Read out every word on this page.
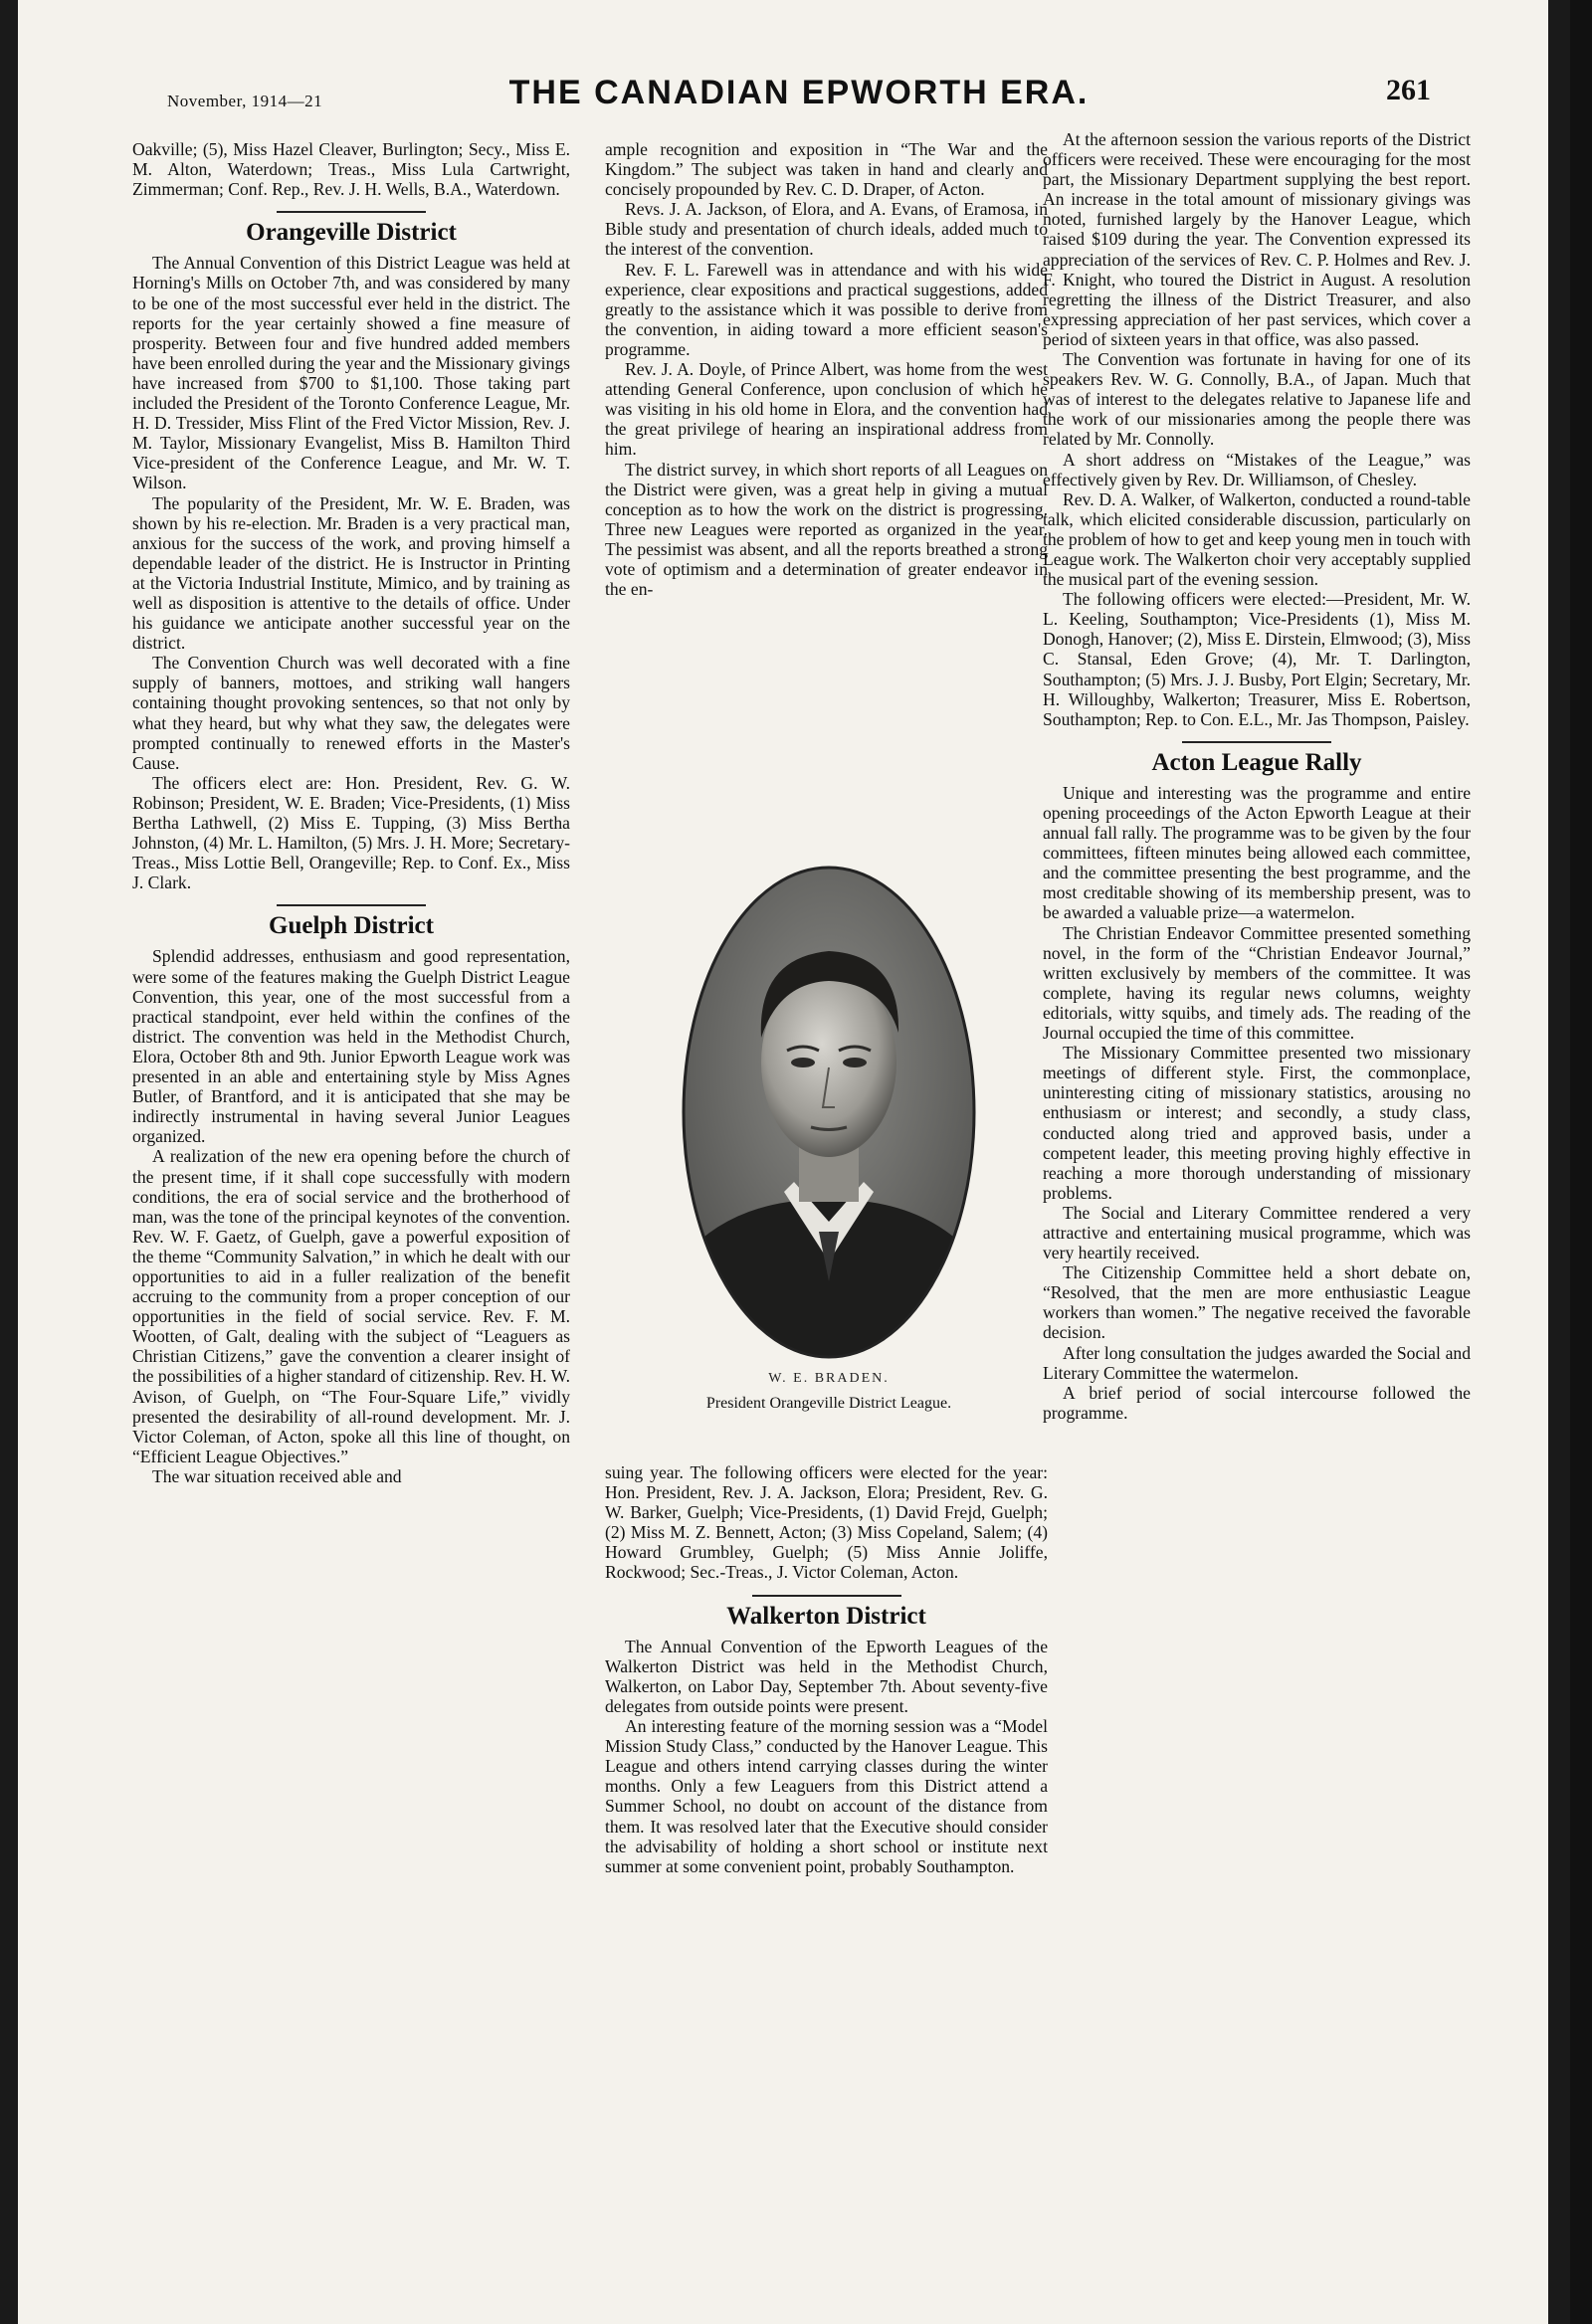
November, 1914—21	THE CANADIAN EPWORTH ERA.	261

Oakville; (5), Miss Hazel Cleaver, Burlington; Secy., Miss E. M. Alton, Waterdown; Treas., Miss Lula Cartwright, Zimmerman; Conf. Rep., Rev. J. H. Wells, B.A., Waterdown.

Orangeville District

The Annual Convention of this District League was held at Horning's Mills on October 7th, and was considered by many to be one of the most successful ever held in the district. The reports for the year certainly showed a fine measure of prosperity. Between four and five hundred added members have been enrolled during the year and the Missionary givings have increased from $700 to $1,100. Those taking part included the President of the Toronto Conference League, Mr. H. D. Tressider, Miss Flint of the Fred Victor Mission, Rev. J. M. Taylor, Missionary Evangelist, Miss B. Hamilton Third Vice-president of the Conference League, and Mr. W. T. Wilson.

The popularity of the President, Mr. W. E. Braden, was shown by his re-election. Mr. Braden is a very practical man, anxious for the success of the work, and proving himself a dependable leader of the district. He is Instructor in Printing at the Victoria Industrial Institute, Mimico, and by training as well as disposition is attentive to the details of office. Under his guidance we anticipate another successful year on the district.

The Convention Church was well decorated with a fine supply of banners, mottoes, and striking wall hangers containing thought provoking sentences, so that not only by what they heard, but why what they saw, the delegates were prompted continually to renewed efforts in the Master's Cause.

The officers elect are: Hon. President, Rev. G. W. Robinson; President, W. E. Braden; Vice-Presidents, (1) Miss Bertha Lathwell, (2) Miss E. Tupping, (3) Miss Bertha Johnston, (4) Mr. L. Hamilton, (5) Mrs. J. H. More; Secretary-Treas., Miss Lottie Bell, Orangeville; Rep. to Conf. Ex., Miss J. Clark.

Guelph District

Splendid addresses, enthusiasm and good representation, were some of the features making the Guelph District League Convention, this year, one of the most successful from a practical standpoint, ever held within the confines of the district. The convention was held in the Methodist Church, Elora, October 8th and 9th. Junior Epworth League work was presented in an able and entertaining style by Miss Agnes Butler, of Brantford, and it is anticipated that she may be indirectly instrumental in having several Junior Leagues organized.

A realization of the new era opening before the church of the present time, if it shall cope successfully with modern conditions, the era of social service and the brotherhood of man, was the tone of the principal keynotes of the convention. Rev. W. F. Gaetz, of Guelph, gave a powerful exposition of the theme “Community Salvation,” in which he dealt with our opportunities to aid in a fuller realization of the benefit accruing to the community from a proper conception of our opportunities in the field of social service. Rev. F. M. Wootten, of Galt, dealing with the subject of “Leaguers as Christian Citizens,” gave the convention a clearer insight of the possibilities of a higher standard of citizenship. Rev. H. W. Avison, of Guelph, on “The Four-Square Life,” vividly presented the desirability of all-round development. Mr. J. Victor Coleman, of Acton, spoke all this line of thought, on “Efficient League Objectives.”

The war situation received able and

ample recognition and exposition in “The War and the Kingdom.” The subject was taken in hand and clearly and concisely propounded by Rev. C. D. Draper, of Acton.

Revs. J. A. Jackson, of Elora, and A. Evans, of Eramosa, in Bible study and presentation of church ideals, added much to the interest of the convention.

Rev. F. L. Farewell was in attendance and with his wide experience, clear expositions and practical suggestions, added greatly to the assistance which it was possible to derive from the convention, in aiding toward a more efficient season's programme.

Rev. J. A. Doyle, of Prince Albert, was home from the west attending General Conference, upon conclusion of which he was visiting in his old home in Elora, and the convention had the great privilege of hearing an inspirational address from him.

The district survey, in which short reports of all Leagues on the District were given, was a great help in giving a mutual conception as to how the work on the district is progressing. Three new Leagues were reported as organized in the year. The pessimist was absent, and all the reports breathed a strong vote of optimism and a determination of greater endeavor in the en-

W. E. BRADEN.
President Orangeville District League.

suing year. The following officers were elected for the year: Hon. President, Rev. J. A. Jackson, Elora; President, Rev. G. W. Barker, Guelph; Vice-Presidents, (1) David Frejd, Guelph; (2) Miss M. Z. Bennett, Acton; (3) Miss Copeland, Salem; (4) Howard Grumbley, Guelph; (5) Miss Annie Joliffe, Rockwood; Sec.-Treas., J. Victor Coleman, Acton.

Walkerton District

The Annual Convention of the Epworth Leagues of the Walkerton District was held in the Methodist Church, Walkerton, on Labor Day, September 7th. About seventy-five delegates from outside points were present.

An interesting feature of the morning session was a “Model Mission Study Class,” conducted by the Hanover League. This League and others intend carrying classes during the winter months. Only a few Leaguers from this District attend a Summer School, no doubt on account of the distance from them. It was resolved later that the Executive should consider the advisability of holding a short school or institute next summer at some convenient point, probably Southampton.

At the afternoon session the various reports of the District officers were received. These were encouraging for the most part, the Missionary Department supplying the best report. An increase in the total amount of missionary givings was noted, furnished largely by the Hanover League, which raised $109 during the year. The Convention expressed its appreciation of the services of Rev. C. P. Holmes and Rev. J. F. Knight, who toured the District in August. A resolution regretting the illness of the District Treasurer, and also expressing appreciation of her past services, which cover a period of sixteen years in that office, was also passed.

The Convention was fortunate in having for one of its speakers Rev. W. G. Connolly, B.A., of Japan. Much that was of interest to the delegates relative to Japanese life and the work of our missionaries among the people there was related by Mr. Connolly.

A short address on “Mistakes of the League,” was effectively given by Rev. Dr. Williamson, of Chesley.

Rev. D. A. Walker, of Walkerton, conducted a round-table talk, which elicited considerable discussion, particularly on the problem of how to get and keep young men in touch with League work. The Walkerton choir very acceptably supplied the musical part of the evening session.

The following officers were elected:—President, Mr. W. L. Keeling, Southampton; Vice-Presidents (1), Miss M. Donogh, Hanover; (2), Miss E. Dirstein, Elmwood; (3), Miss C. Stansal, Eden Grove; (4), Mr. T. Darlington, Southampton; (5) Mrs. J. J. Busby, Port Elgin; Secretary, Mr. H. Willoughby, Walkerton; Treasurer, Miss E. Robertson, Southampton; Rep. to Con. E.L., Mr. Jas Thompson, Paisley.

Acton League Rally

Unique and interesting was the programme and entire opening proceedings of the Acton Epworth League at their annual fall rally. The programme was to be given by the four committees, fifteen minutes being allowed each committee, and the committee presenting the best programme, and the most creditable showing of its membership present, was to be awarded a valuable prize—a watermelon.

The Christian Endeavor Committee presented something novel, in the form of the “Christian Endeavor Journal,” written exclusively by members of the committee. It was complete, having its regular news columns, weighty editorials, witty squibs, and timely ads. The reading of the Journal occupied the time of this committee.

The Missionary Committee presented two missionary meetings of different style. First, the commonplace, uninteresting citing of missionary statistics, arousing no enthusiasm or interest; and secondly, a study class, conducted along tried and approved basis, under a competent leader, this meeting proving highly effective in reaching a more thorough understanding of missionary problems.

The Social and Literary Committee rendered a very attractive and entertaining musical programme, which was very heartily received.

The Citizenship Committee held a short debate on, “Resolved, that the men are more enthusiastic League workers than women.” The negative received the favorable decision.

After long consultation the judges awarded the Social and Literary Committee the watermelon.

A brief period of social intercourse followed the programme.
